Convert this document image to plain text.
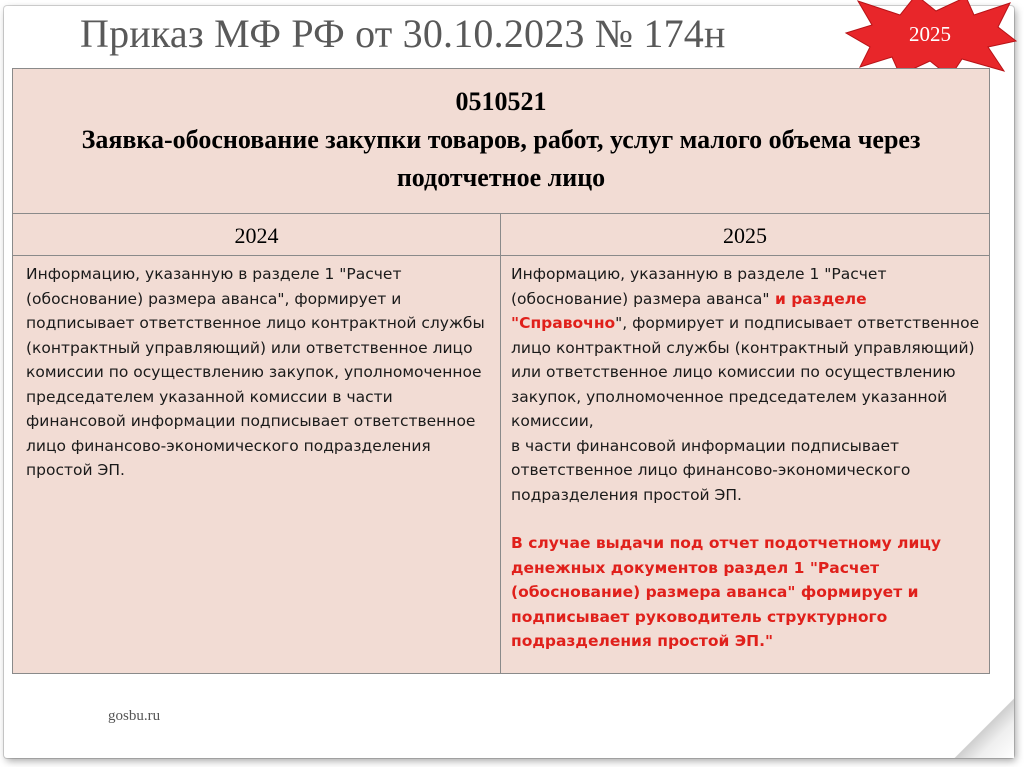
Приказ МФ РФ от 30.10.2023 № 174н	2025
0510521
Заявка-обоснование закупки товаров, работ, услуг малого объема через подотчетное лицо
2024	2025

Информацию, указанную в разделе 1 "Расчет (обоснование) размера аванса", формирует и подписывает ответственное лицо контрактной службы (контрактный управляющий) или ответственное лицо комиссии по осуществлению закупок, уполномоченное председателем указанной комиссии в части финансовой информации подписывает ответственное лицо финансово-экономического подразделения простой ЭП.

Информацию, указанную в разделе 1 "Расчет (обоснование) размера аванса" и разделе "Справочно", формирует и подписывает ответственное лицо контрактной службы (контрактный управляющий) или ответственное лицо комиссии по осуществлению закупок, уполномоченное председателем указанной комиссии,

в части финансовой информации подписывает ответственное лицо финансово-экономического подразделения простой ЭП.

В случае выдачи под отчет подотчетному лицу денежных документов раздел 1 "Расчет (обоснование) размера аванса" формирует и подписывает руководитель структурного подразделения простой ЭП."

gosbu.ru
